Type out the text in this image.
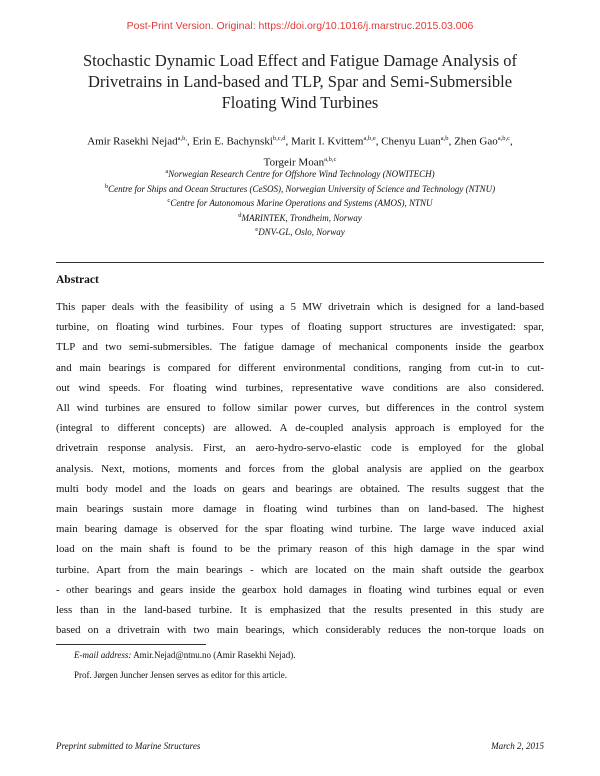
Post-Print Version. Original: https://doi.org/10.1016/j.marstruc.2015.03.006
Stochastic Dynamic Load Effect and Fatigue Damage Analysis of
Drivetrains in Land-based and TLP, Spar and Semi-Submersible
Floating Wind Turbines
Amir Rasekhi Nejad$^{a,b,}$, Erin E. Bachynski$^{b,c,d}$, Marit I. Kvittem$^{a,b,e}$, Chenyu Luan$^{a,b}$, Zhen Gao$^{a,b,c}$, Torgeir Moan$^{a,b,c}$
$^a$Norwegian Research Centre for Offshore Wind Technology (NOWITECH)
$^b$Centre for Ships and Ocean Structures (CeSOS), Norwegian University of Science and Technology (NTNU)
$^c$Centre for Autonomous Marine Operations and Systems (AMOS), NTNU
$^d$MARINTEK, Trondheim, Norway
$^e$DNV-GL, Oslo, Norway
Abstract
This paper deals with the feasibility of using a 5 MW drivetrain which is designed for a land-based
turbine, on floating wind turbines. Four types of floating support structures are investigated: spar,
TLP and two semi-submersibles. The fatigue damage of mechanical components inside the gearbox
and main bearings is compared for different environmental conditions, ranging from cut-in to cut-
out wind speeds. For floating wind turbines, representative wave conditions are also considered.
All wind turbines are ensured to follow similar power curves, but differences in the control system
(integral to different concepts) are allowed. A de-coupled analysis approach is employed for the
drivetrain response analysis. First, an aero-hydro-servo-elastic code is employed for the global
analysis. Next, motions, moments and forces from the global analysis are applied on the gearbox
multi body model and the loads on gears and bearings are obtained. The results suggest that the
main bearings sustain more damage in floating wind turbines than on land-based. The highest
main bearing damage is observed for the spar floating wind turbine. The large wave induced axial
load on the main shaft is found to be the primary reason of this high damage in the spar wind
turbine. Apart from the main bearings - which are located on the main shaft outside the gearbox
- other bearings and gears inside the gearbox hold damages in floating wind turbines equal or even
less than in the land-based turbine. It is emphasized that the results presented in this study are
based on a drivetrain with two main bearings, which considerably reduces the non-torque loads on
E-mail address: Amir.Nejad@ntnu.no (Amir Rasekhi Nejad).
Prof. Jørgen Juncher Jensen serves as editor for this article.
Preprint submitted to Marine Structures	March 2, 2015
